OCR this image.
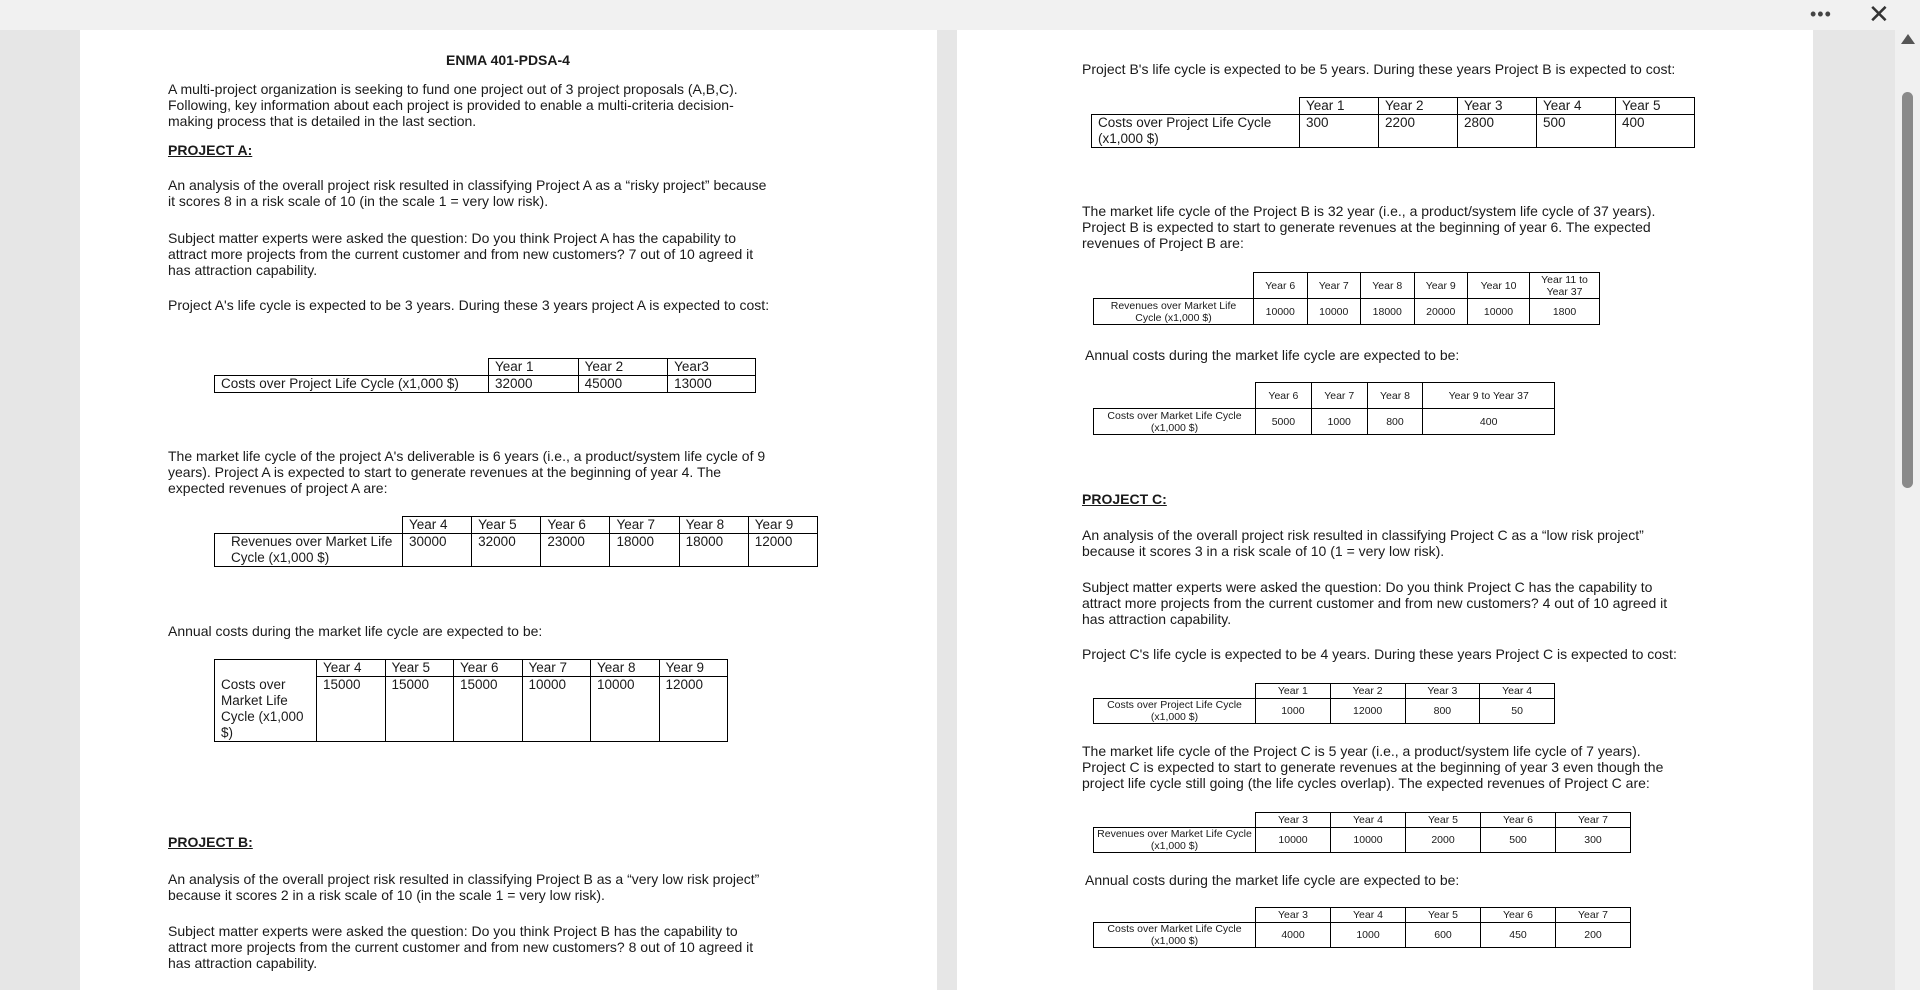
••• ✕
ENMA 401-PDSA-4
A multi-project organization is seeking to fund one project out of 3 project proposals (A,B,C).
Following, key information about each project is provided to enable a multi-criteria decision-
making process that is detailed in the last section.
PROJECT A:
An analysis of the overall project risk resulted in classifying Project A as a “risky project” because
it scores 8 in a risk scale of 10 (in the scale 1 = very low risk).
Subject matter experts were asked the question: Do you think Project A has the capability to
attract more projects from the current customer and from new customers? 7 out of 10 agreed it
has attraction capability.
Project A's life cycle is expected to be 3 years. During these 3 years project A is expected to cost:
	Year 1	Year 2	Year3
Costs over Project Life Cycle (x1,000 $)	32000	45000	13000
The market life cycle of the project A's deliverable is 6 years (i.e., a product/system life cycle of 9
years). Project A is expected to start to generate revenues at the beginning of year 4. The
expected revenues of project A are:
	Year 4	Year 5	Year 6	Year 7	Year 8	Year 9
Revenues over Market Life Cycle (x1,000 $)	30000	32000	23000	18000	18000	12000
Annual costs during the market life cycle are expected to be:
	Year 4	Year 5	Year 6	Year 7	Year 8	Year 9
Costs over Market Life Cycle (x1,000 $)	15000	15000	15000	10000	10000	12000
PROJECT B:
An analysis of the overall project risk resulted in classifying Project B as a “very low risk project”
because it scores 2 in a risk scale of 10 (in the scale 1 = very low risk).
Subject matter experts were asked the question: Do you think Project B has the capability to
attract more projects from the current customer and from new customers? 8 out of 10 agreed it
has attraction capability.
Project B's life cycle is expected to be 5 years. During these years Project B is expected to cost:
	Year 1	Year 2	Year 3	Year 4	Year 5
Costs over Project Life Cycle (x1,000 $)	300	2200	2800	500	400
The market life cycle of the Project B is 32 year (i.e., a product/system life cycle of 37 years).
Project B is expected to start to generate revenues at the beginning of year 6. The expected
revenues of Project B are:
	Year 6	Year 7	Year 8	Year 9	Year 10	Year 11 to Year 37
Revenues over Market Life Cycle (x1,000 $)	10000	10000	18000	20000	10000	1800
Annual costs during the market life cycle are expected to be:
	Year 6	Year 7	Year 8	Year 9 to Year 37
Costs over Market Life Cycle (x1,000 $)	5000	1000	800	400
PROJECT C:
An analysis of the overall project risk resulted in classifying Project C as a “low risk project”
because it scores 3 in a risk scale of 10 (1 = very low risk).
Subject matter experts were asked the question: Do you think Project C has the capability to
attract more projects from the current customer and from new customers? 4 out of 10 agreed it
has attraction capability.
Project C's life cycle is expected to be 4 years. During these years Project C is expected to cost:
	Year 1	Year 2	Year 3	Year 4
Costs over Project Life Cycle (x1,000 $)	1000	12000	800	50
The market life cycle of the Project C is 5 year (i.e., a product/system life cycle of 7 years).
Project C is expected to start to generate revenues at the beginning of year 3 even though the
project life cycle still going (the life cycles overlap). The expected revenues of Project C are:
	Year 3	Year 4	Year 5	Year 6	Year 7
Revenues over Market Life Cycle (x1,000 $)	10000	10000	2000	500	300
Annual costs during the market life cycle are expected to be:
	Year 3	Year 4	Year 5	Year 6	Year 7
Costs over Market Life Cycle (x1,000 $)	4000	1000	600	450	200
